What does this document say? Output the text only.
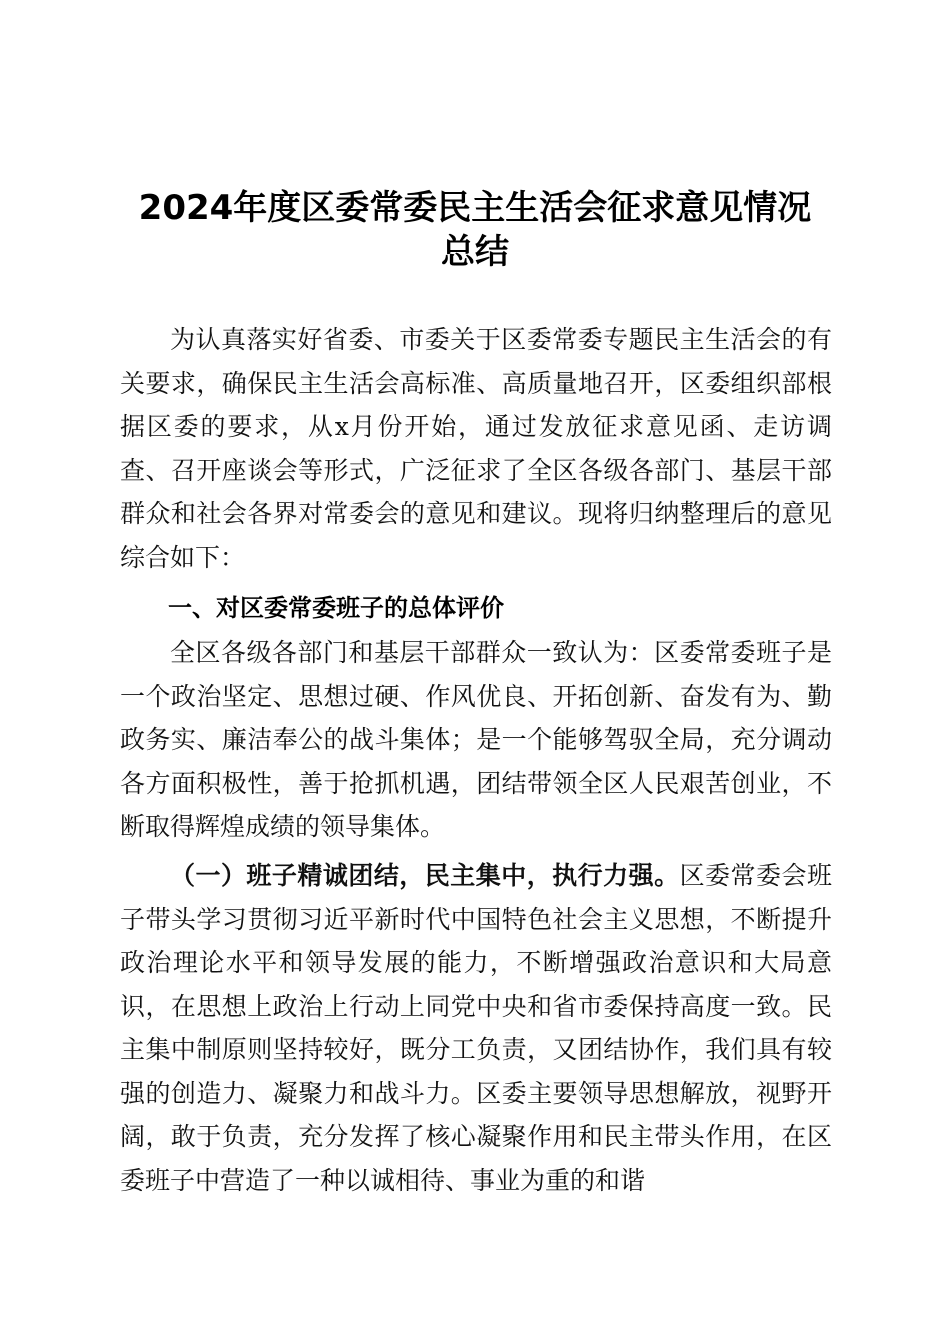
2024年度区委常委民主生活会征求意见情况
总结

为认真落实好省委、市委关于区委常委专题民主生活会的有关要求，确保民主生活会高标准、高质量地召开，区委组织部根据区委的要求，从x月份开始，通过发放征求意见函、走访调查、召开座谈会等形式，广泛征求了全区各级各部门、基层干部群众和社会各界对常委会的意见和建议。现将归纳整理后的意见综合如下：

一、对区委常委班子的总体评价

全区各级各部门和基层干部群众一致认为：区委常委班子是一个政治坚定、思想过硬、作风优良、开拓创新、奋发有为、勤政务实、廉洁奉公的战斗集体；是一个能够驾驭全局，充分调动各方面积极性，善于抢抓机遇，团结带领全区人民艰苦创业，不断取得辉煌成绩的领导集体。

（一）班子精诚团结，民主集中，执行力强。区委常委会班子带头学习贯彻习近平新时代中国特色社会主义思想，不断提升政治理论水平和领导发展的能力，不断增强政治意识和大局意识，在思想上政治上行动上同党中央和省市委保持高度一致。民主集中制原则坚持较好，既分工负责，又团结协作，我们具有较强的创造力、凝聚力和战斗力。区委主要领导思想解放，视野开阔，敢于负责，充分发挥了核心凝聚作用和民主带头作用，在区委班子中营造了一种以诚相待、事业为重的和谐
